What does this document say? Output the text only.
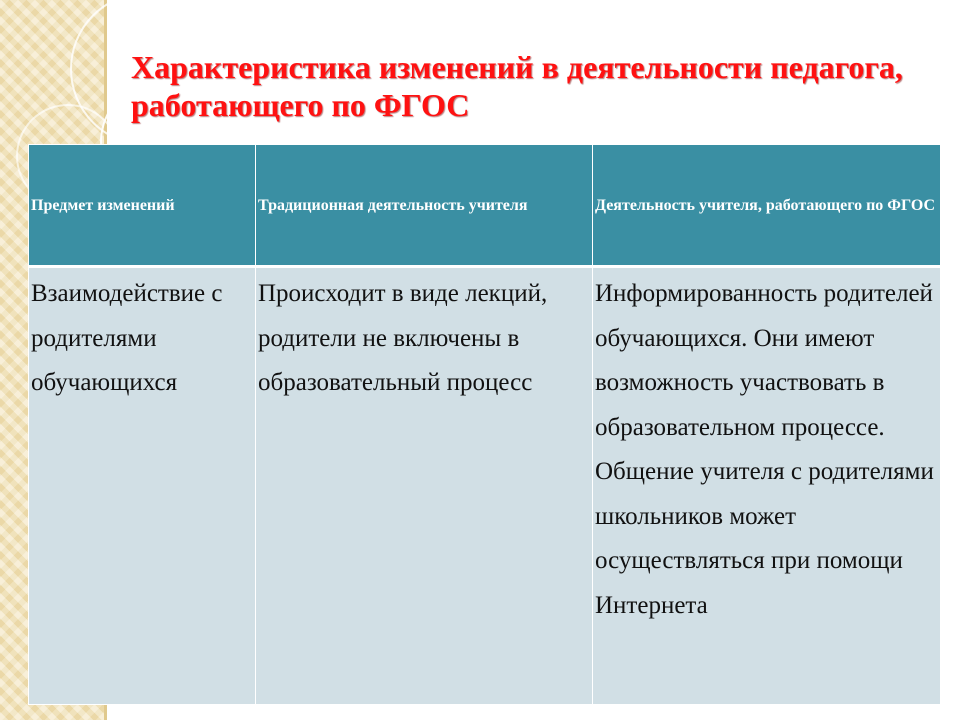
Характеристика изменений в деятельности педагога, работающего по ФГОС
Предмет изменений	Традиционная деятельность учителя	Деятельность учителя, работающего по ФГОС
Взаимодействие с родителями обучающихся	Происходит в виде лекций, родители не включены в образовательный процесс	Информированность родителей обучающихся. Они имеют возможность участвовать в образовательном процессе. Общение учителя с родителями школьников может осуществляться при помощи Интернета
